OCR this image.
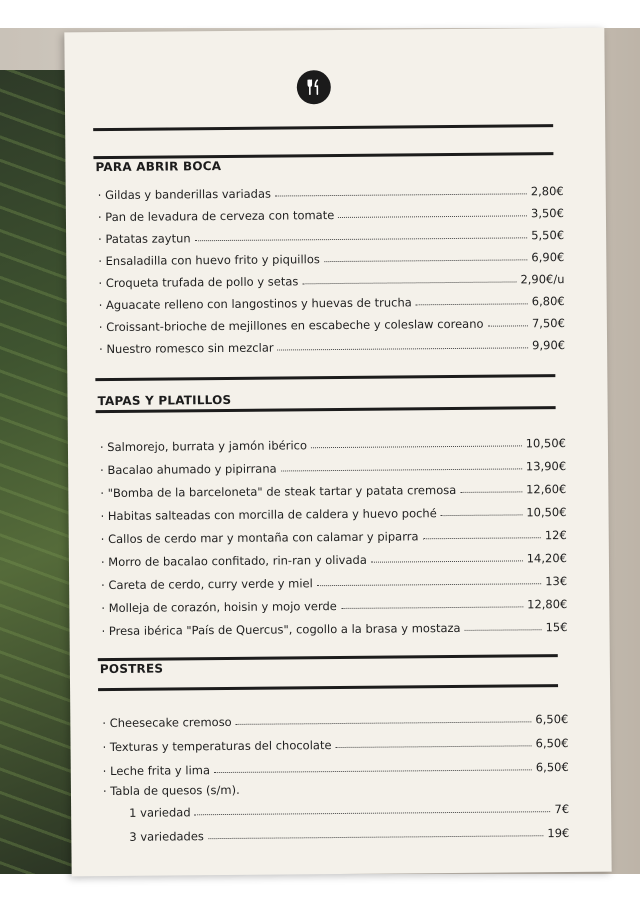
PARA ABRIR BOCA
· Gildas y banderillas variadas	2,80€
· Pan de levadura de cerveza con tomate	3,50€
· Patatas zaytun	5,50€
· Ensaladilla con huevo frito y piquillos	6,90€
· Croqueta trufada de pollo y setas	2,90€/u
· Aguacate relleno con langostinos y huevas de trucha	6,80€
· Croissant-brioche de mejillones en escabeche y coleslaw coreano	7,50€
· Nuestro romesco sin mezclar	9,90€
TAPAS Y PLATILLOS
· Salmorejo, burrata y jamón ibérico	10,50€
· Bacalao ahumado y pipirrana	13,90€
· "Bomba de la barceloneta" de steak tartar y patata cremosa	12,60€
· Habitas salteadas con morcilla de caldera y huevo poché	10,50€
· Callos de cerdo mar y montaña con calamar y piparra	12€
· Morro de bacalao confitado, rin-ran y olivada	14,20€
· Careta de cerdo, curry verde y miel	13€
· Molleja de corazón, hoisin y mojo verde	12,80€
· Presa ibérica "País de Quercus", cogollo a la brasa y mostaza	15€
POSTRES
· Cheesecake cremoso	6,50€
· Texturas y temperaturas del chocolate	6,50€
· Leche frita y lima	6,50€
· Tabla de quesos (s/m).
1 variedad	7€
3 variedades	19€
